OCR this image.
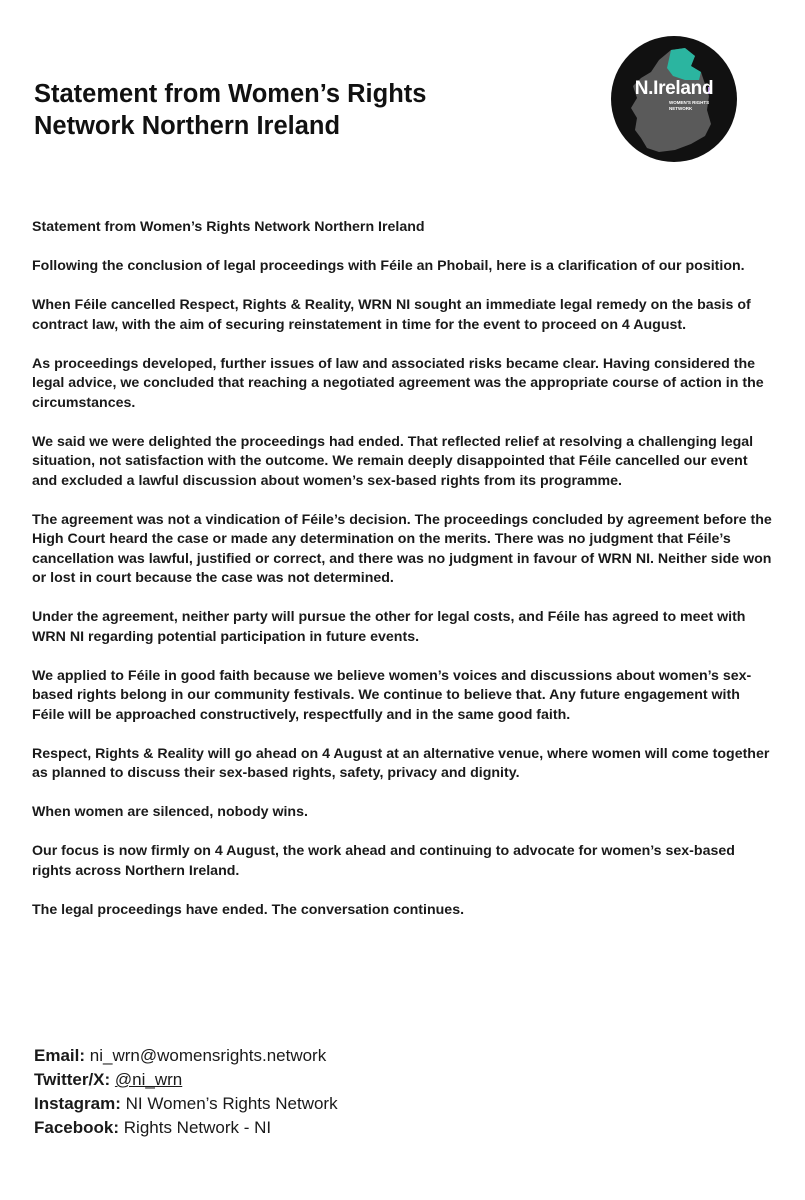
Statement from Women’s Rights Network Northern Ireland
N.Ireland
WOMEN'S RIGHTS NETWORK

Statement from Women’s Rights Network Northern Ireland

Following the conclusion of legal proceedings with Féile an Phobail, here is a clarification of our position.

When Féile cancelled Respect, Rights & Reality, WRN NI sought an immediate legal remedy on the basis of contract law, with the aim of securing reinstatement in time for the event to proceed on 4 August.

As proceedings developed, further issues of law and associated risks became clear. Having considered the legal advice, we concluded that reaching a negotiated agreement was the appropriate course of action in the circumstances.

We said we were delighted the proceedings had ended. That reflected relief at resolving a challenging legal situation, not satisfaction with the outcome. We remain deeply disappointed that Féile cancelled our event and excluded a lawful discussion about women’s sex-based rights from its programme.

The agreement was not a vindication of Féile’s decision. The proceedings concluded by agreement before the High Court heard the case or made any determination on the merits. There was no judgment that Féile’s cancellation was lawful, justified or correct, and there was no judgment in favour of WRN NI. Neither side won or lost in court because the case was not determined.

Under the agreement, neither party will pursue the other for legal costs, and Féile has agreed to meet with WRN NI regarding potential participation in future events.

We applied to Féile in good faith because we believe women’s voices and discussions about women’s sex-based rights belong in our community festivals. We continue to believe that. Any future engagement with Féile will be approached constructively, respectfully and in the same good faith.

Respect, Rights & Reality will go ahead on 4 August at an alternative venue, where women will come together as planned to discuss their sex-based rights, safety, privacy and dignity.

When women are silenced, nobody wins.

Our focus is now firmly on 4 August, the work ahead and continuing to advocate for women’s sex-based rights across Northern Ireland.

The legal proceedings have ended. The conversation continues.

Email: ni_wrn@womensrights.network
Twitter/X: @ni_wrn
Instagram: NI Women’s Rights Network
Facebook: Rights Network - NI
